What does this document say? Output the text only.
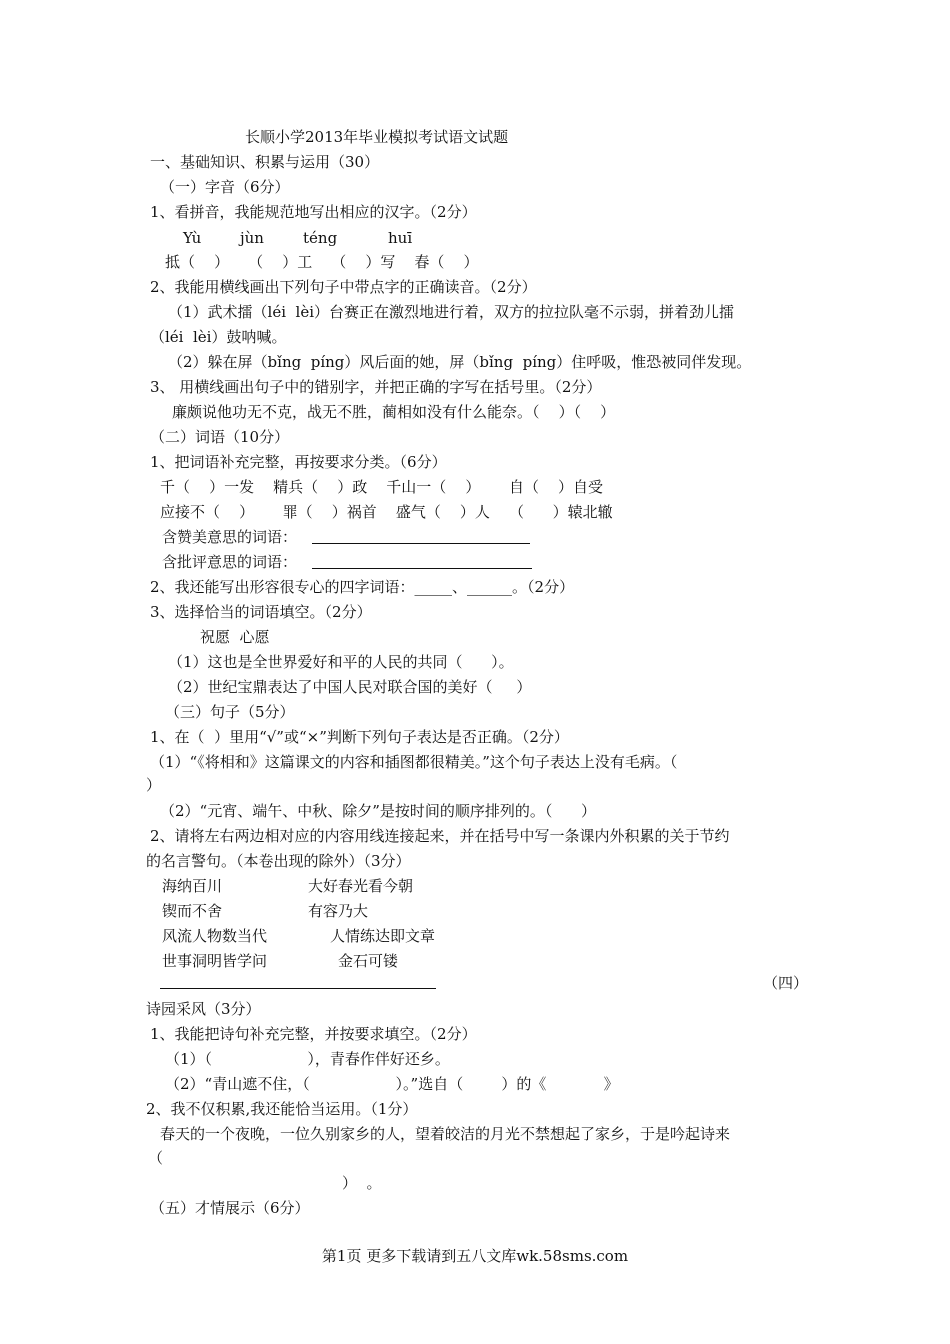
长顺小学2013年毕业模拟考试语文试题
一、基础知识、积累与运用（30）
（一）字音（6分）
1、看拼音，我能规范地写出相应的汉字。（2分）
Yù	jùn	téng	huī
抵（    ）    （    ）工    （    ）写    春（    ）
2、我能用横线画出下列句子中带点字的正确读音。（2分）
（1）武术擂（léi  lèi）台赛正在激烈地进行着，双方的拉拉队毫不示弱，拼着劲儿擂
（léi  lèi）鼓呐喊。
（2）躲在屏（bǐng  píng）风后面的她，屏（bǐng  píng）住呼吸，惟恐被同伴发现。
3、 用横线画出句子中的错别字，并把正确的字写在括号里。（2分）
廉颇说他功无不克，战无不胜，蔺相如没有什么能奈。（    ）（    ）
（二）词语（10分）
1、把词语补充完整，再按要求分类。（6分）
千（    ）一发    精兵（    ）政    千山一（    ）      自（    ）自受
应接不（    ）      罪（    ）祸首    盛气（    ）人    （      ）辕北辙
含赞美意思的词语：
含批评意思的词语：
2、我还能写出形容很专心的四字词语：_____、______。（2分）
3、选择恰当的词语填空。（2分）
祝愿  心愿
（1）这也是全世界爱好和平的人民的共同（      ）。
（2）世纪宝鼎表达了中国人民对联合国的美好（     ）
（三）句子（5分）
1、在（  ）里用“√”或“×”判断下列句子表达是否正确。（2分）
（1）“《将相和》这篇课文的内容和插图都很精美。”这个句子表达上没有毛病。（
）
（2）“元宵、端午、中秋、除夕”是按时间的顺序排列的。（      ）
2、请将左右两边相对应的内容用线连接起来，并在括号中写一条课内外积累的关于节约
的名言警句。（本卷出现的除外）（3分）
海纳百川	大好春光看今朝
锲而不舍	有容乃大
风流人物数当代	人情练达即文章
世事洞明皆学问	金石可镂
（四）
诗园采风（3分）
1、我能把诗句补充完整，并按要求填空。（2分）
（1）（                    ），青春作伴好还乡。
（2）“青山遮不住，（                  ）。”选自（        ）的《            》
2、我不仅积累,我还能恰当运用。（1分）
春天的一个夜晚，一位久别家乡的人，望着皎洁的月光不禁想起了家乡，于是吟起诗来
（
）  。
（五）才情展示（6分）
第1页 更多下载请到五八文库wk.58sms.com
